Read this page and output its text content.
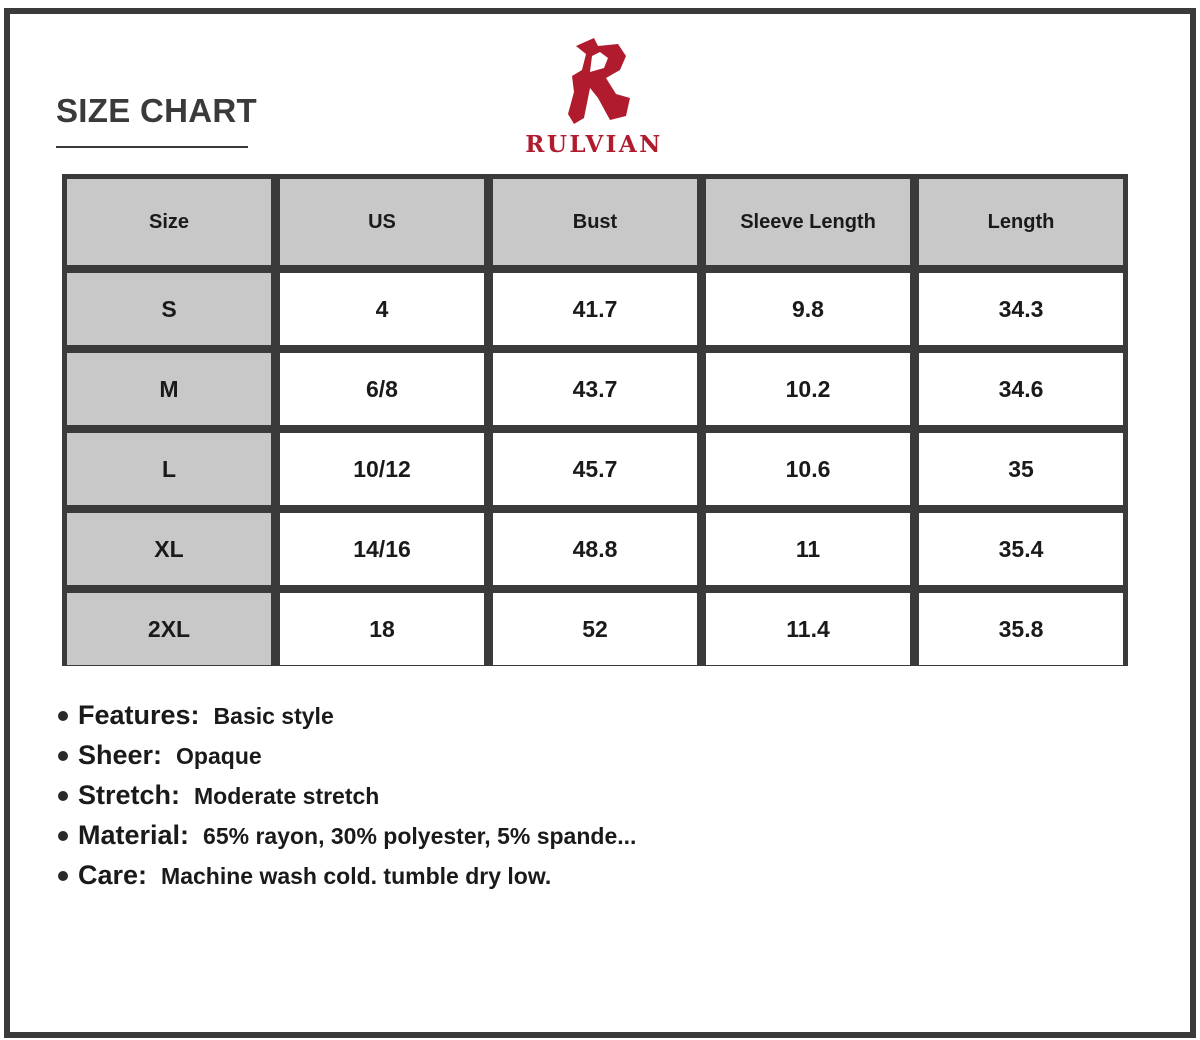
SIZE CHART
RULVIAN
Size	US	Bust	Sleeve Length	Length
S	4	41.7	9.8	34.3
M	6/8	43.7	10.2	34.6
L	10/12	45.7	10.6	35
XL	14/16	48.8	11	35.4
2XL	18	52	11.4	35.8
Features: Basic style
Sheer: Opaque
Stretch: Moderate stretch
Material: 65% rayon, 30% polyester, 5% spande...
Care: Machine wash cold. tumble dry low.
